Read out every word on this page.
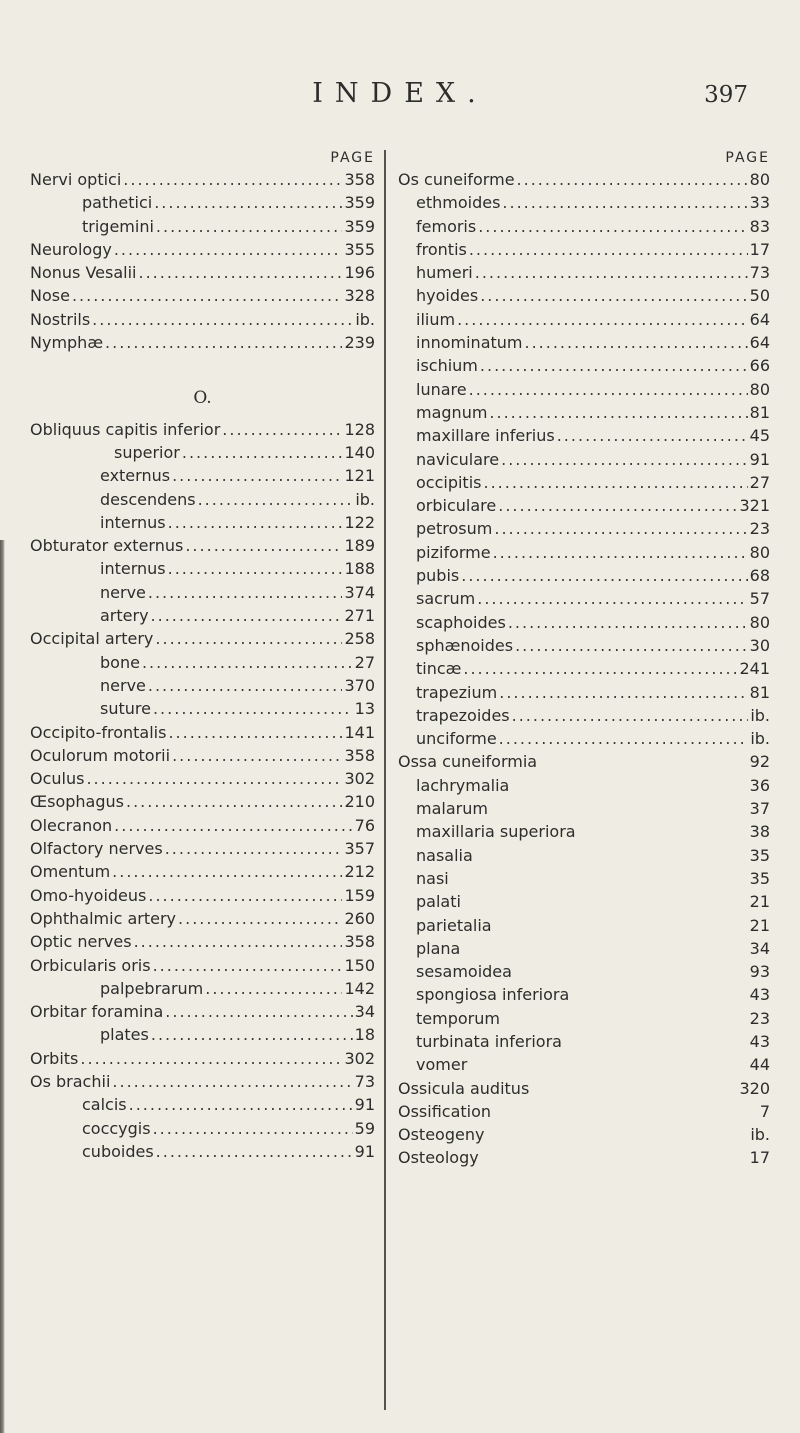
INDEX.	397
PAGE
Nervi optici .....	358
pathetici .....	359
trigemini .....	359
Neurology .....	355
Nonus Vesalii .....	196
Nose .....	328
Nostrils .....	ib.
Nymphæ .....	239
O.
Obliquus capitis inferior .....	128
superior .....	140
externus .....	121
descendens .....	ib.
internus .....	122
Obturator externus .....	189
internus .....	188
nerve .....	374
artery .....	271
Occipital artery .....	258
bone .....	27
nerve .....	370
suture .....	13
Occipito-frontalis .....	141
Oculorum motorii .....	358
Oculus .....	302
Œsophagus .....	210
Olecranon .....	76
Olfactory nerves .....	357
Omentum .....	212
Omo-hyoideus .....	159
Ophthalmic artery .....	260
Optic nerves .....	358
Orbicularis oris .....	150
palpebrarum .....	142
Orbitar foramina .....	34
plates .....	18
Orbits .....	302
Os brachii .....	73
calcis .....	91
coccygis .....	59
cuboides .....	91
PAGE
Os cuneiforme .....	80
ethmoides .....	33
femoris .....	83
frontis .....	17
humeri .....	73
hyoides .....	50
ilium .....	64
innominatum .....	64
ischium .....	66
lunare .....	80
magnum .....	81
maxillare inferius .....	45
naviculare .....	91
occipitis .....	27
orbiculare .....	321
petrosum .....	23
piziforme .....	80
pubis .....	68
sacrum .....	57
scaphoides .....	80
sphænoides .....	30
tincæ .....	241
trapezium .....	81
trapezoides .....	ib.
unciforme .....	ib.
Ossa cuneiformia	92
lachrymalia	36
malarum	37
maxillaria superiora	38
nasalia	35
nasi	35
palati	21
parietalia	21
plana	34
sesamoidea	93
spongiosa inferiora	43
temporum	23
turbinata inferiora	43
vomer	44
Ossicula auditus	320
Ossification	7
Osteogeny	ib.
Osteology	17
